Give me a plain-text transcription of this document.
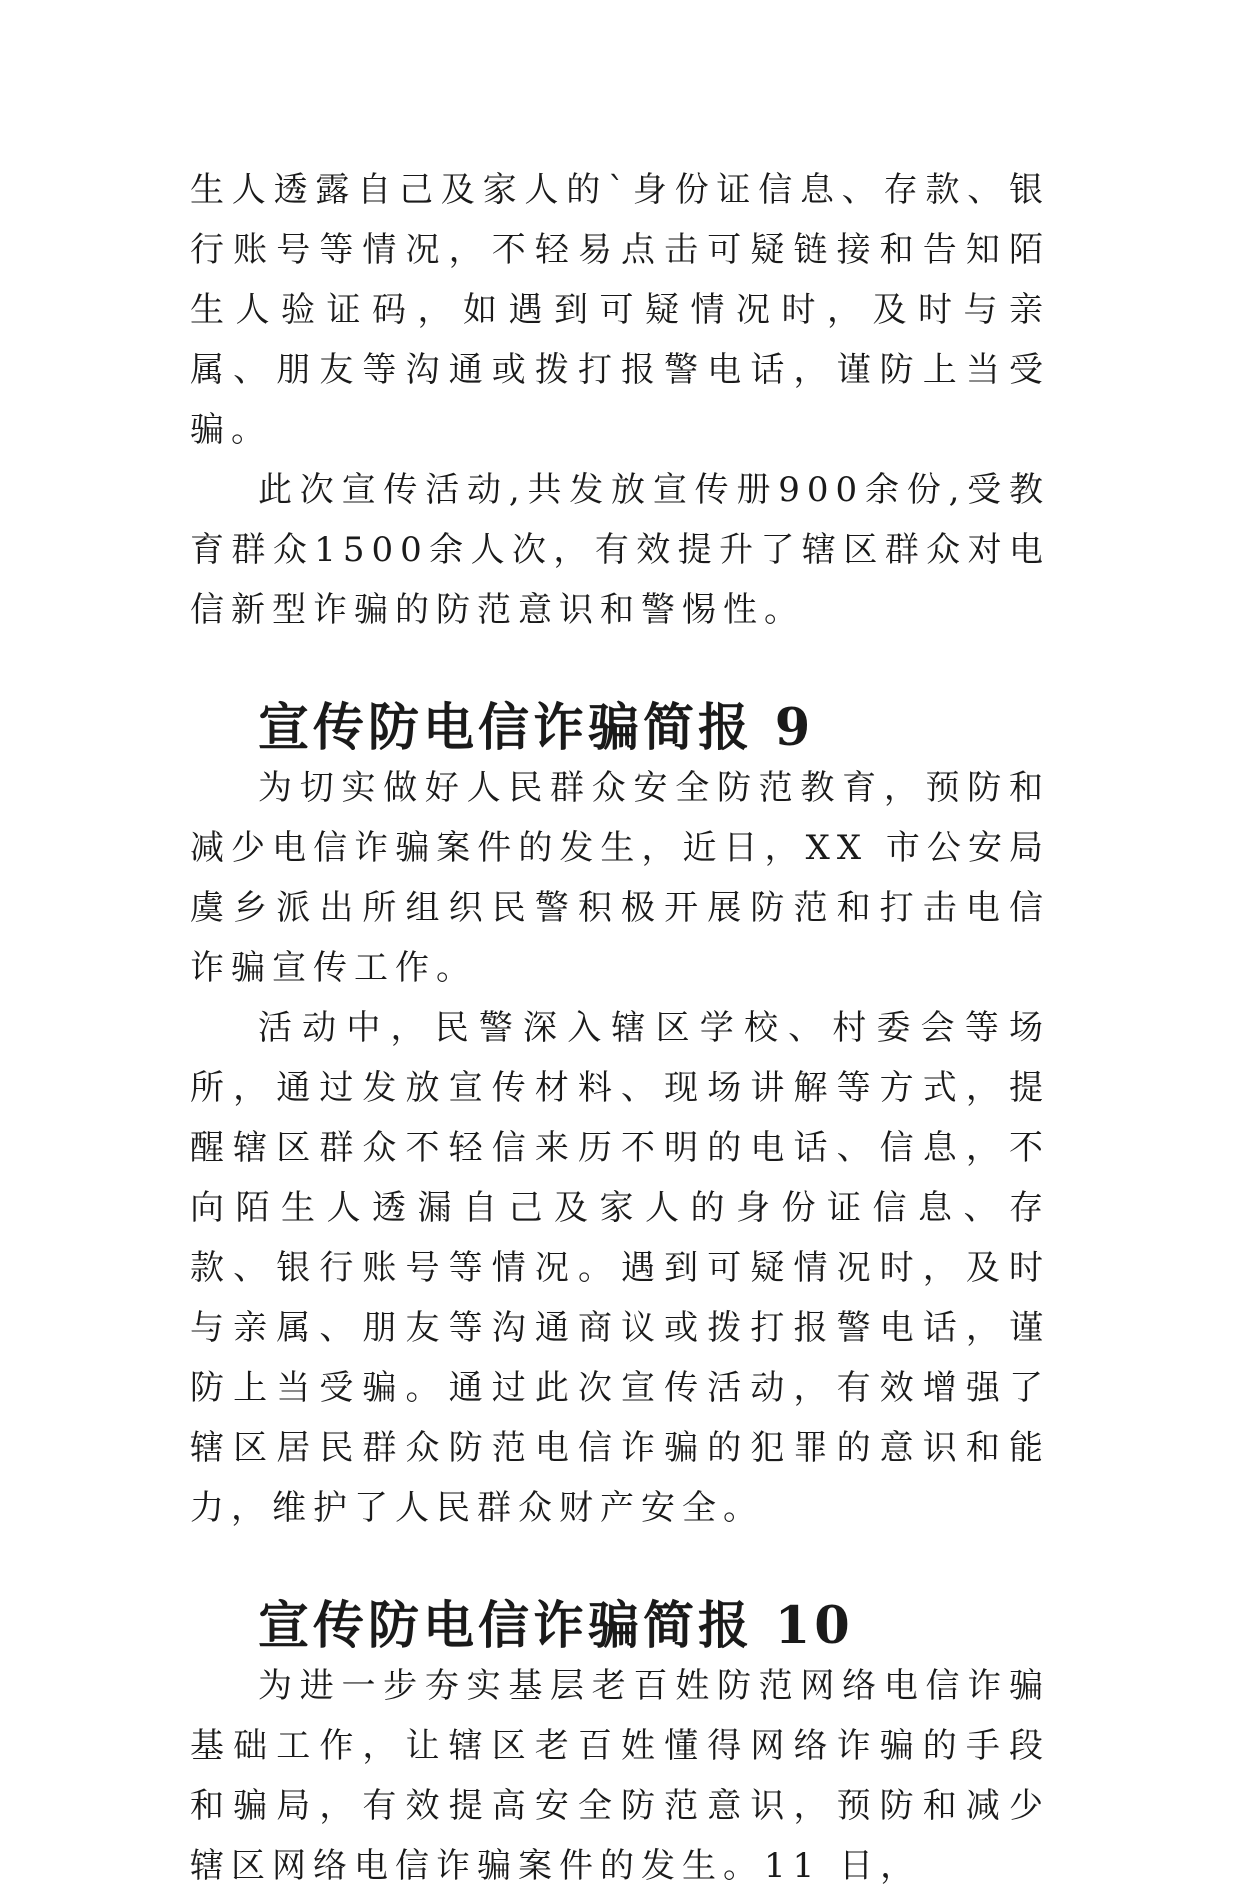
生人透露自己及家人的`身份证信息、存款、银行账号等情况，不轻易点击可疑链接和告知陌生人验证码，如遇到可疑情况时，及时与亲属、朋友等沟通或拨打报警电话，谨防上当受骗。

此次宣传活动,共发放宣传册900余份,受教育群众1500余人次，有效提升了辖区群众对电信新型诈骗的防范意识和警惕性。

宣传防电信诈骗简报 9

为切实做好人民群众安全防范教育，预防和减少电信诈骗案件的发生，近日，XX 市公安局虞乡派出所组织民警积极开展防范和打击电信诈骗宣传工作。

活动中，民警深入辖区学校、村委会等场所，通过发放宣传材料、现场讲解等方式，提醒辖区群众不轻信来历不明的电话、信息，不向陌生人透漏自己及家人的身份证信息、存款、银行账号等情况。遇到可疑情况时，及时与亲属、朋友等沟通商议或拨打报警电话，谨防上当受骗。通过此次宣传活动，有效增强了辖区居民群众防范电信诈骗的犯罪的意识和能力，维护了人民群众财产安全。

宣传防电信诈骗简报 10

为进一步夯实基层老百姓防范网络电信诈骗基础工作，让辖区老百姓懂得网络诈骗的手段和骗局，有效提高安全防范意识，预防和减少辖区网络电信诈骗案件的发生。11 日，
